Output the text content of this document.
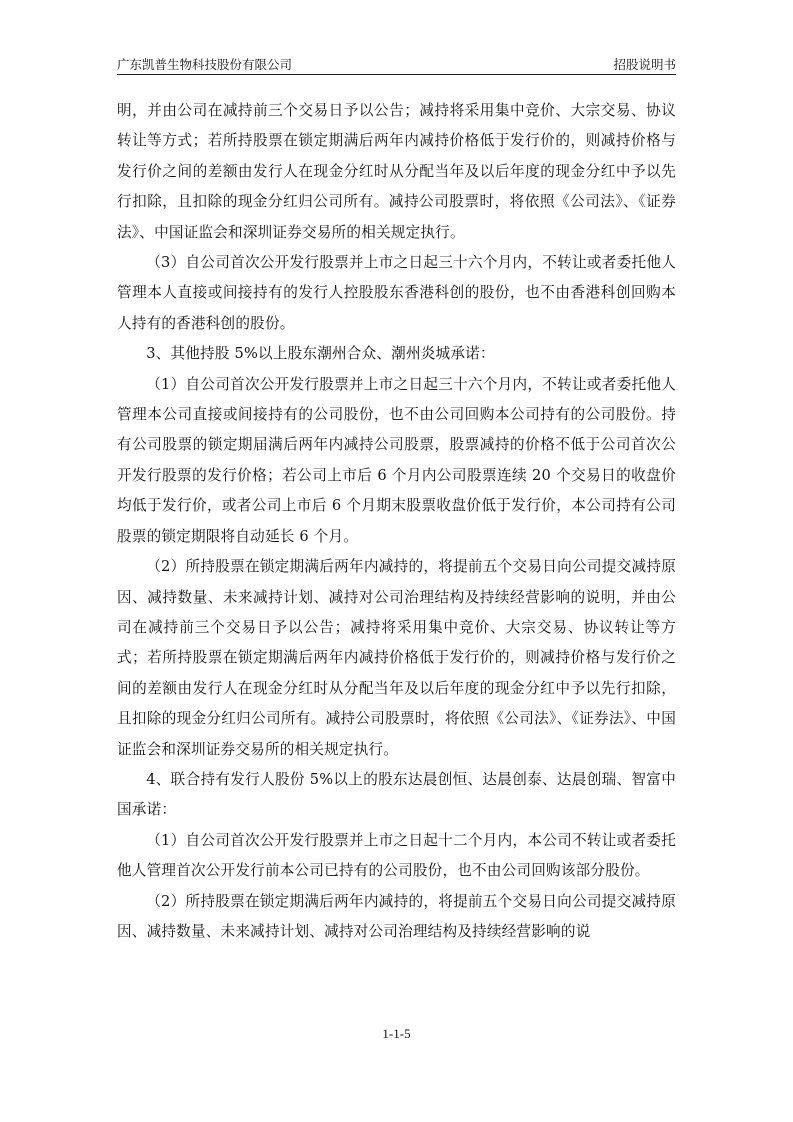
广东凯普生物科技股份有限公司	招股说明书

明，并由公司在减持前三个交易日予以公告；减持将采用集中竞价、大宗交易、协议转让等方式；若所持股票在锁定期满后两年内减持价格低于发行价的，则减持价格与发行价之间的差额由发行人在现金分红时从分配当年及以后年度的现金分红中予以先行扣除，且扣除的现金分红归公司所有。减持公司股票时，将依照《公司法》、《证券法》、中国证监会和深圳证券交易所的相关规定执行。

（3）自公司首次公开发行股票并上市之日起三十六个月内，不转让或者委托他人管理本人直接或间接持有的发行人控股股东香港科创的股份，也不由香港科创回购本人持有的香港科创的股份。

3、其他持股 5%以上股东潮州合众、潮州炎城承诺：

（1）自公司首次公开发行股票并上市之日起三十六个月内，不转让或者委托他人管理本公司直接或间接持有的公司股份，也不由公司回购本公司持有的公司股份。持有公司股票的锁定期届满后两年内减持公司股票，股票减持的价格不低于公司首次公开发行股票的发行价格；若公司上市后 6 个月内公司股票连续 20 个交易日的收盘价均低于发行价，或者公司上市后 6 个月期末股票收盘价低于发行价，本公司持有公司股票的锁定期限将自动延长 6 个月。

（2）所持股票在锁定期满后两年内减持的，将提前五个交易日向公司提交减持原因、减持数量、未来减持计划、减持对公司治理结构及持续经营影响的说明，并由公司在减持前三个交易日予以公告；减持将采用集中竞价、大宗交易、协议转让等方式；若所持股票在锁定期满后两年内减持价格低于发行价的，则减持价格与发行价之间的差额由发行人在现金分红时从分配当年及以后年度的现金分红中予以先行扣除，且扣除的现金分红归公司所有。减持公司股票时，将依照《公司法》、《证券法》、中国证监会和深圳证券交易所的相关规定执行。

4、联合持有发行人股份 5%以上的股东达晨创恒、达晨创泰、达晨创瑞、智富中国承诺：

（1）自公司首次公开发行股票并上市之日起十二个月内，本公司不转让或者委托他人管理首次公开发行前本公司已持有的公司股份，也不由公司回购该部分股份。

（2）所持股票在锁定期满后两年内减持的，将提前五个交易日向公司提交减持原因、减持数量、未来减持计划、减持对公司治理结构及持续经营影响的说

1-1-5
